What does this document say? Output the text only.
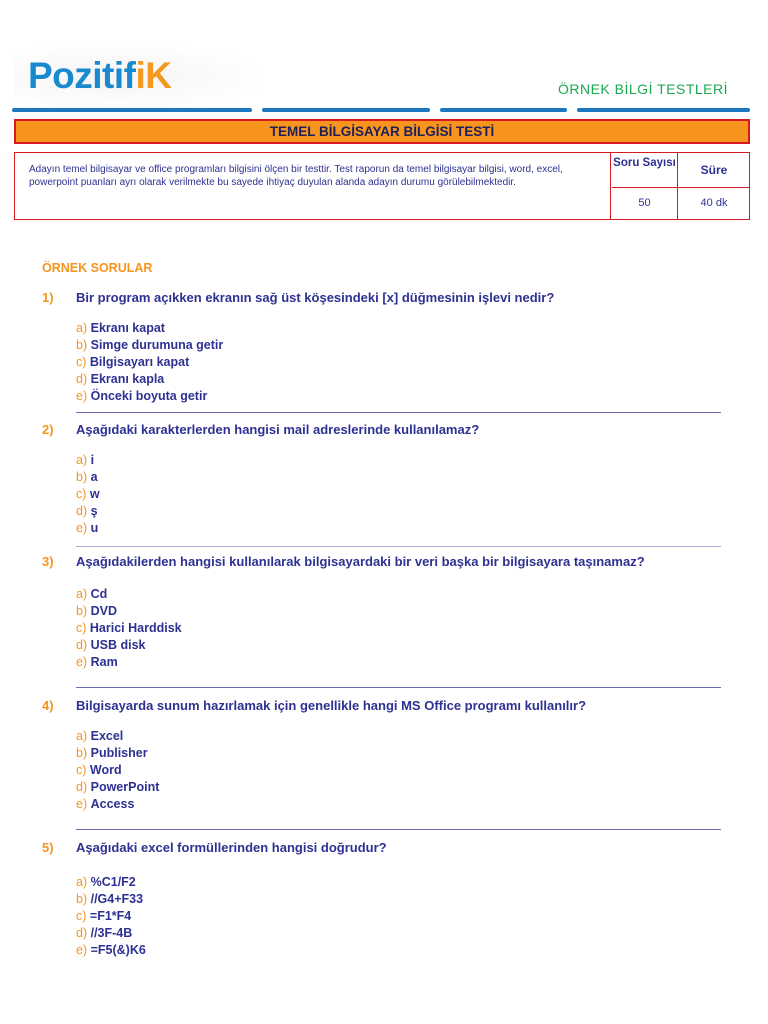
PozitifiK	ÖRNEK BİLGİ TESTLERİ
TEMEL BİLGİSAYAR BİLGİSİ TESTİ
Adayın temel bilgisayar ve office programları bilgisini ölçen bir testtir. Test raporun da temel bilgisayar bilgisi, word, excel, powerpoint puanları ayrı olarak verilmekte bu sayede ihtiyaç duyulan alanda adayın durumu görülebilmektedir.
Soru Sayısı	Süre
50	40 dk
ÖRNEK SORULAR
1) Bir program açıkken ekranın sağ üst köşesindeki [x] düğmesinin işlevi nedir?
a) Ekranı kapat
b) Simge durumuna getir
c) Bilgisayarı kapat
d) Ekranı kapla
e) Önceki boyuta getir
2) Aşağıdaki karakterlerden hangisi mail adreslerinde kullanılamaz?
a) i
b) a
c) w
d) ş
e) u
3) Aşağıdakilerden hangisi kullanılarak bilgisayardaki bir veri başka bir bilgisayara taşınamaz?
a) Cd
b) DVD
c) Harici Harddisk
d) USB disk
e) Ram
4) Bilgisayarda sunum hazırlamak için genellikle hangi MS Office programı kullanılır?
a) Excel
b) Publisher
c) Word
d) PowerPoint
e) Access
5) Aşağıdaki excel formüllerinden hangisi doğrudur?
a) %C1/F2
b) //G4+F33
c) =F1*F4
d) //3F-4B
e) =F5(&)K6
